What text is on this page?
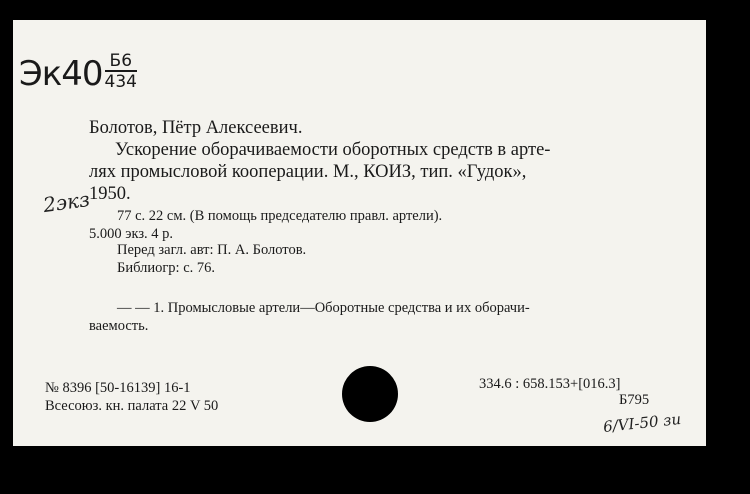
$Эк40 \frac{Б6}{434}$
Болотов, Пётр Алексеевич.
Ускорение оборачиваемости оборотных средств в арте-
лях промысловой кооперации. М., КОИЗ, тип. «Гудок»,
1950.
77 с. 22 см. (В помощь председателю правл. артели).
5.000 экз. 4 р.
Перед загл. авт: П. А. Болотов.
Библиогр: с. 76.
— — 1. Промысловые артели—Оборотные средства и их оборачи-
ваемость.
№ 8396 [50-16139] 16-1
Всесоюз. кн. палата 22 V 50
334.6 : 658.153+[016.3]
Б795
2экз
6/VI-50 зи
